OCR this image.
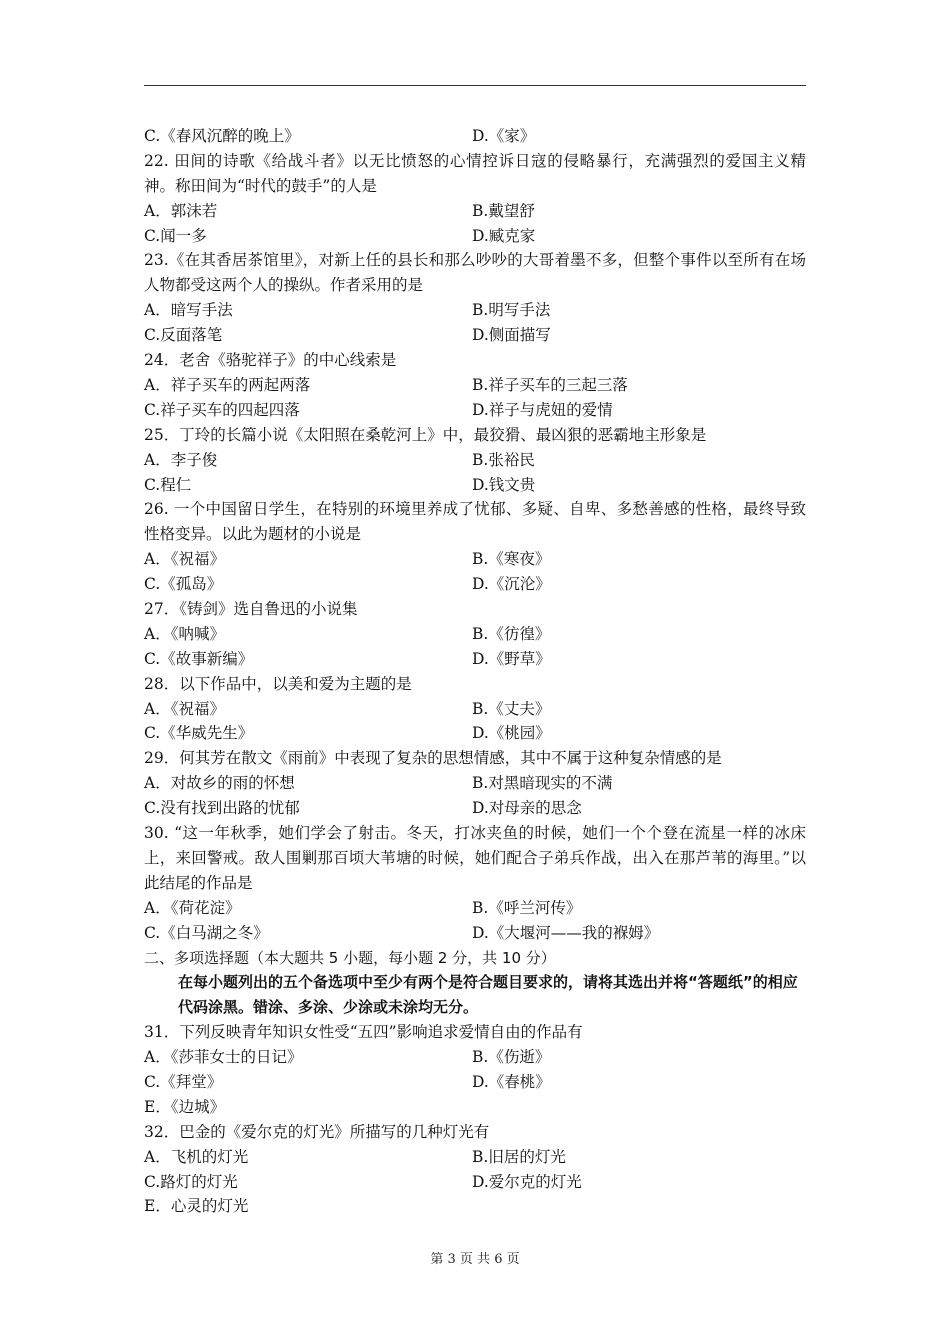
C.《春风沉醉的晚上》	D.《家》
22. 田间的诗歌《给战斗者》以无比愤怒的心情控诉日寇的侵略暴行，充满强烈的爱国主义精神。称田间为“时代的鼓手”的人是
A．郭沫若	B.戴望舒
C.闻一多	D.臧克家
23.《在其香居茶馆里》，对新上任的县长和那么吵吵的大哥着墨不多，但整个事件以至所有在场人物都受这两个人的操纵。作者采用的是
A．暗写手法	B.明写手法
C.反面落笔	D.侧面描写
24．老舍《骆驼祥子》的中心线索是
A．祥子买车的两起两落	B.祥子买车的三起三落
C.祥子买车的四起四落	D.祥子与虎妞的爱情
25．丁玲的长篇小说《太阳照在桑乾河上》中，最狡猾、最凶狠的恶霸地主形象是
A．李子俊	B.张裕民
C.程仁	D.钱文贵
26. 一个中国留日学生，在特别的环境里养成了忧郁、多疑、自卑、多愁善感的性格，最终导致性格变异。以此为题材的小说是
A．《祝福》	B.《寒夜》
C.《孤岛》	D.《沉沦》
27．《铸剑》选自鲁迅的小说集
A．《呐喊》	B.《彷徨》
C.《故事新编》	D.《野草》
28．以下作品中，以美和爱为主题的是
A．《祝福》	B.《丈夫》
C.《华威先生》	D.《桃园》
29．何其芳在散文《雨前》中表现了复杂的思想情感，其中不属于这种复杂情感的是
A．对故乡的雨的怀想	B.对黑暗现实的不满
C.没有找到出路的忧郁	D.对母亲的思念
30. “这一年秋季，她们学会了射击。冬天，打冰夹鱼的时候，她们一个个登在流星一样的冰床上，来回警戒。敌人围剿那百顷大苇塘的时候，她们配合子弟兵作战，出入在那芦苇的海里。”以此结尾的作品是
A．《荷花淀》	B.《呼兰河传》
C.《白马湖之冬》	D.《大堰河——我的褓姆》
二、多项选择题（本大题共 5 小题，每小题 2 分，共 10 分）
在每小题列出的五个备选项中至少有两个是符合题目要求的，请将其选出并将“答题纸”的相应代码涂黑。错涂、多涂、少涂或未涂均无分。
31．下列反映青年知识女性受“五四”影响追求爱情自由的作品有
A．《莎菲女士的日记》	B.《伤逝》
C.《拜堂》	D.《春桃》
E．《边城》
32．巴金的《爱尔克的灯光》所描写的几种灯光有
A．飞机的灯光	B.旧居的灯光
C.路灯的灯光	D.爱尔克的灯光
E．心灵的灯光
第 3 页 共 6 页
